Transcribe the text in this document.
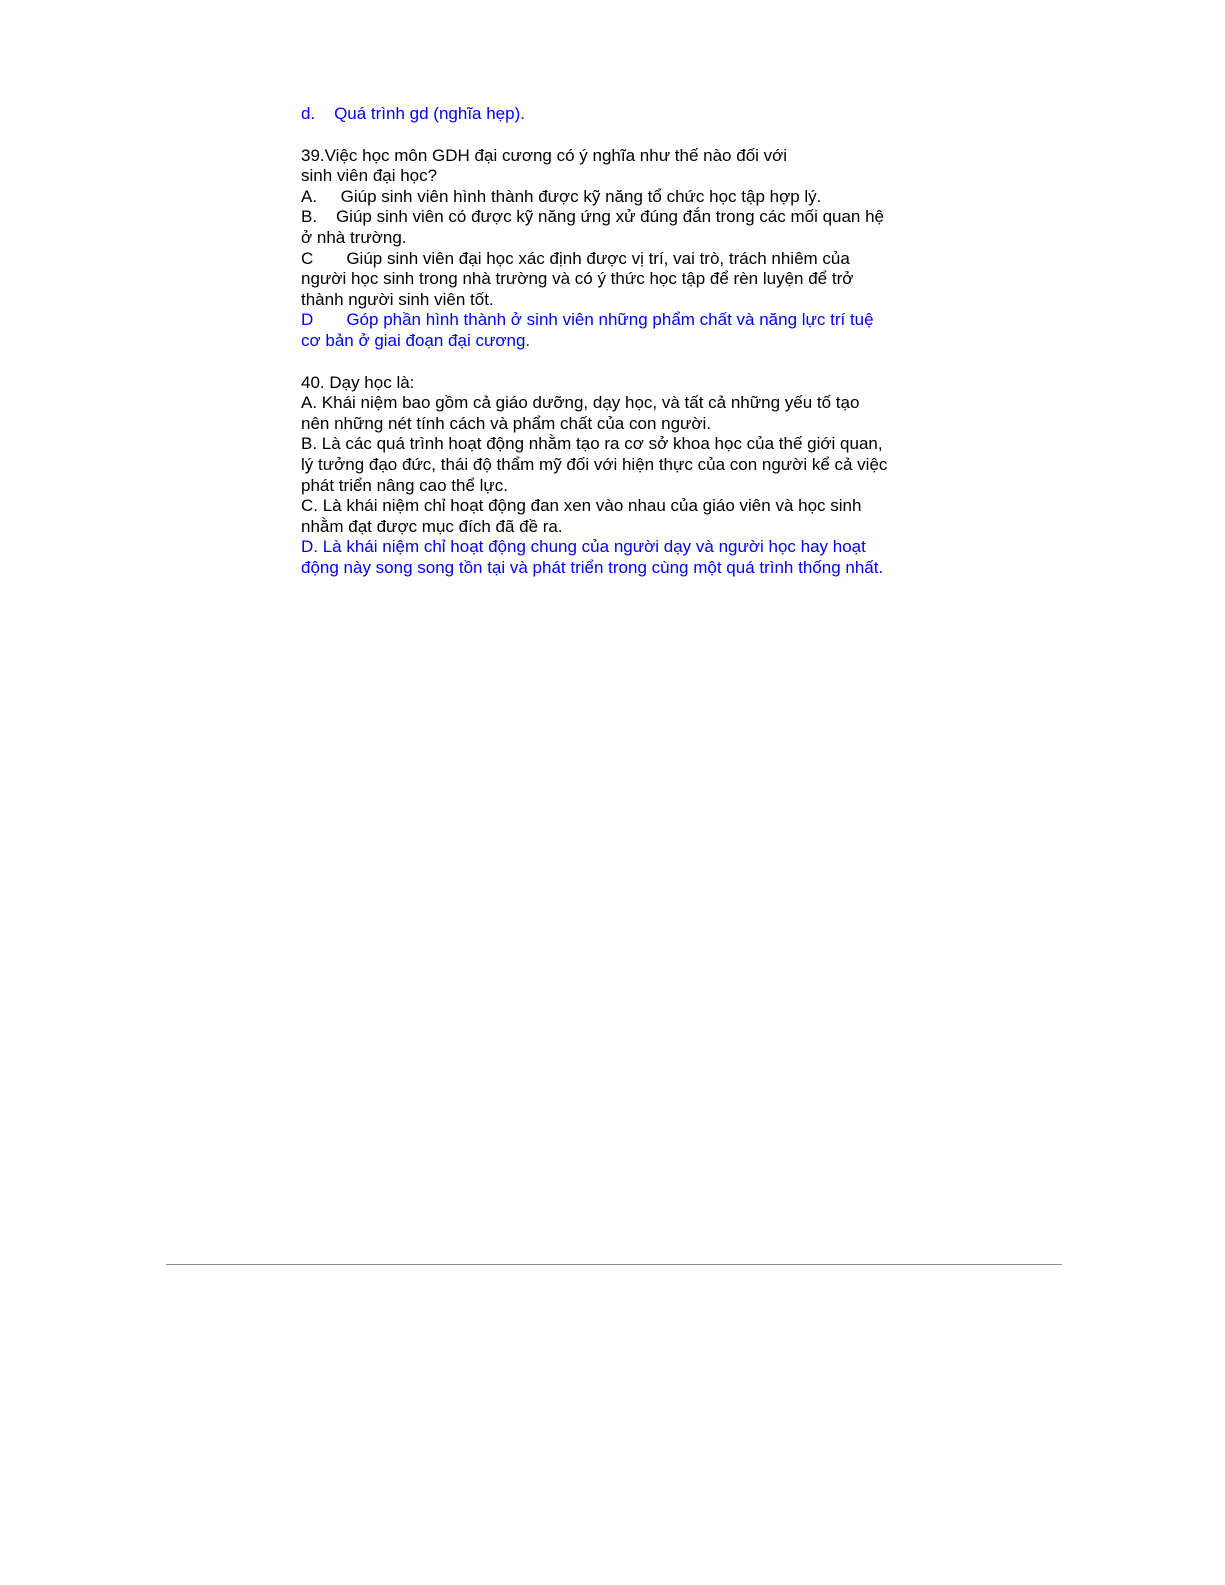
d.    Quá trình gd (nghĩa hẹp).
39.Việc học môn GDH đại cương có ý nghĩa như thế nào đối với
sinh viên đại học?
A.     Giúp sinh viên hình thành được kỹ năng tổ chức học tập hợp lý.
B.    Giúp sinh viên có được kỹ năng ứng xử đúng đắn trong các mối quan hệ
ở nhà trường.
C       Giúp sinh viên đại học xác định được vị trí, vai trò, trách nhiêm của
người học sinh trong nhà trường và có ý thức học tập để rèn luyện để trở
thành người sinh viên tốt.
D       Góp phần hình thành ở sinh viên những phẩm chất và năng lực trí tuệ
cơ bản ở giai đoạn đại cương.
40. Dạy học là:
A. Khái niệm bao gồm cả giáo dưỡng, dạy học, và tất cả những yếu tố tạo
nên những nét tính cách và phẩm chất của con người.
B. Là các quá trình hoạt động nhằm tạo ra cơ sở khoa học của thế giới quan,
lý tưởng đạo đức, thái độ thẩm mỹ đối với hiện thực của con người kể cả việc
phát triển nâng cao thể lực.
C. Là khái niệm chỉ hoạt động đan xen vào nhau của giáo viên và học sinh
nhằm đạt được mục đích đã đề ra.
D. Là khái niệm chỉ hoạt động chung của người dạy và người học hay hoạt
động này song song tồn tại và phát triển trong cùng một quá trình thống nhất.
